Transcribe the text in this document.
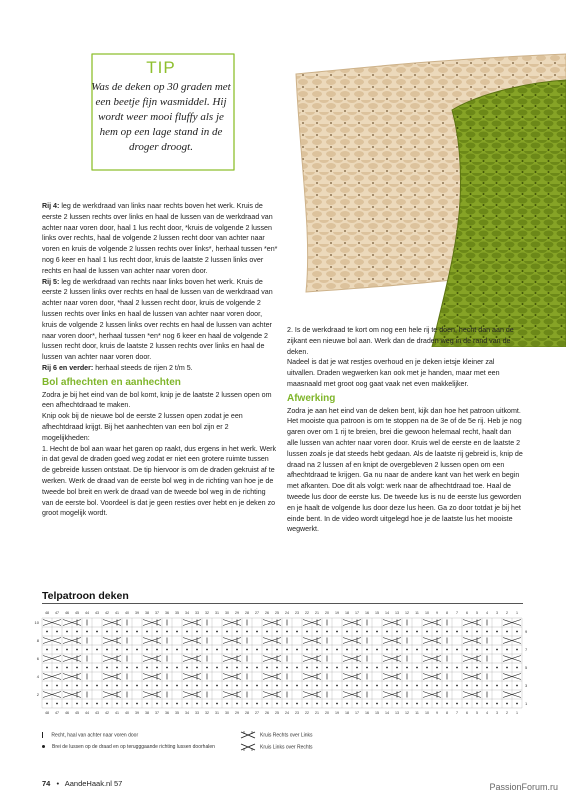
TIP
Was de deken op 30 graden met een beetje fijn wasmiddel. Hij wordt weer mooi fluffy als je hem op een lage stand in de droger droogt.

Rij 4: leg de werkdraad van links naar rechts boven het werk. Kruis de eerste 2 lussen rechts over links en haal de lussen van de werkdraad van achter naar voren door, haal 1 lus recht door, *kruis de volgende 2 lussen links over rechts, haal de volgende 2 lussen recht door van achter naar voren en kruis de volgende 2 lussen rechts over links*, herhaal tussen *en* nog 6 keer en haal 1 lus recht door, kruis de laatste 2 lussen links over rechts en haal de lussen van achter naar voren door.

Rij 5: leg de werkdraad van rechts naar links boven het werk. Kruis de eerste 2 lussen links over rechts en haal de lussen van de werkdraad van achter naar voren door, *haal 2 lussen recht door, kruis de volgende 2 lussen rechts over links en haal de lussen van achter naar voren door, kruis de volgende 2 lussen links over rechts en haal de lussen van achter naar voren door*, herhaal tussen *en* nog 6 keer en haal de volgende 2 lussen recht door, kruis de laatste 2 lussen rechts over links en haal de lussen van achter naar voren door.

Rij 6 en verder: herhaal steeds de rijen 2 t/m 5.

Bol afhechten en aanhechten

Zodra je bij het eind van de bol komt, knip je de laatste 2 lussen open om een afhechtdraad te maken.

Knip ook bij de nieuwe bol de eerste 2 lussen open zodat je een afhechtdraad krijgt. Bij het aanhechten van een bol zijn er 2 mogelijkheden:

1. Hecht de bol aan waar het garen op raakt, dus ergens in het werk. Werk in dat geval de draden goed weg zodat er niet een grotere ruimte tussen de gebreide lussen ontstaat. De tip hiervoor is om de draden gekruist af te werken. Werk de draad van de eerste bol weg in de richting van hoe je de tweede bol breit en werk de draad van de tweede bol weg in de richting van de eerste bol. Voordeel is dat je geen resties over hebt en je deken zo groot mogelijk wordt.

2. Is de werkdraad te kort om nog een hele rij te doen, hecht dan aan de zijkant een nieuwe bol aan. Werk dan de draden weg in de rand van de deken.

Nadeel is dat je wat restjes overhoud en je deken ietsje kleiner zal uitvallen. Draden wegwerken kan ook met je handen, maar met een maasnaald met groot oog gaat vaak net even makkelijker.

Afwerking

Zodra je aan het eind van de deken bent, kijk dan hoe het patroon uitkomt. Het mooiste qua patroon is om te stoppen na de 3e of de 5e rij. Heb je nog garen over om 1 rij te breien, brei die gewoon helemaal recht, haalt dan alle lussen van achter naar voren door. Kruis wel de eerste en de laatste 2 lussen zoals je dat steeds hebt gedaan. Als de laatste rij gebreid is, knip de draad na 2 lussen af en knipt de overgebleven 2 lussen open om een afhechtdraad te krijgen. Ga nu naar de andere kant van het werk en begin met afkanten. Doe dit als volgt: werk naar de afhechtdraad toe. Haal de tweede lus door de eerste lus. De tweede lus is nu de eerste lus geworden en je haalt de volgende lus door deze lus heen. Ga zo door totdat je bij het einde bent. In de video wordt uitgelegd hoe je de laatste lus het mooiste wegwerkt.

Telpatroon deken
48 47 46 45 44 43 42 41 40 39 38 37 36 35 34 33 32 31 30 29 28 27 26 25 24 23 22 21 20 19 18 17 16 15 14 13 12 11 10 9 8 7 6 5 4 3 2 1
48 47 46 45 44 43 42 41 40 39 38 37 36 35 34 33 32 31 30 29 28 27 26 25 24 23 22 21 20 19 18 17 16 15 14 13 12 11 10 9 8 7 6 5 4 3 2 1
10
8
6
4
2
9
7
5
3
1
Recht, haal van achter naar voren door
Brei de lussen op de draad en op terugggaande richting lussen doorhalen
Kruis Rechts over Links
Kruis Links over Rechts
74 • AandeHaak.nl 57	PassionForum.ru
